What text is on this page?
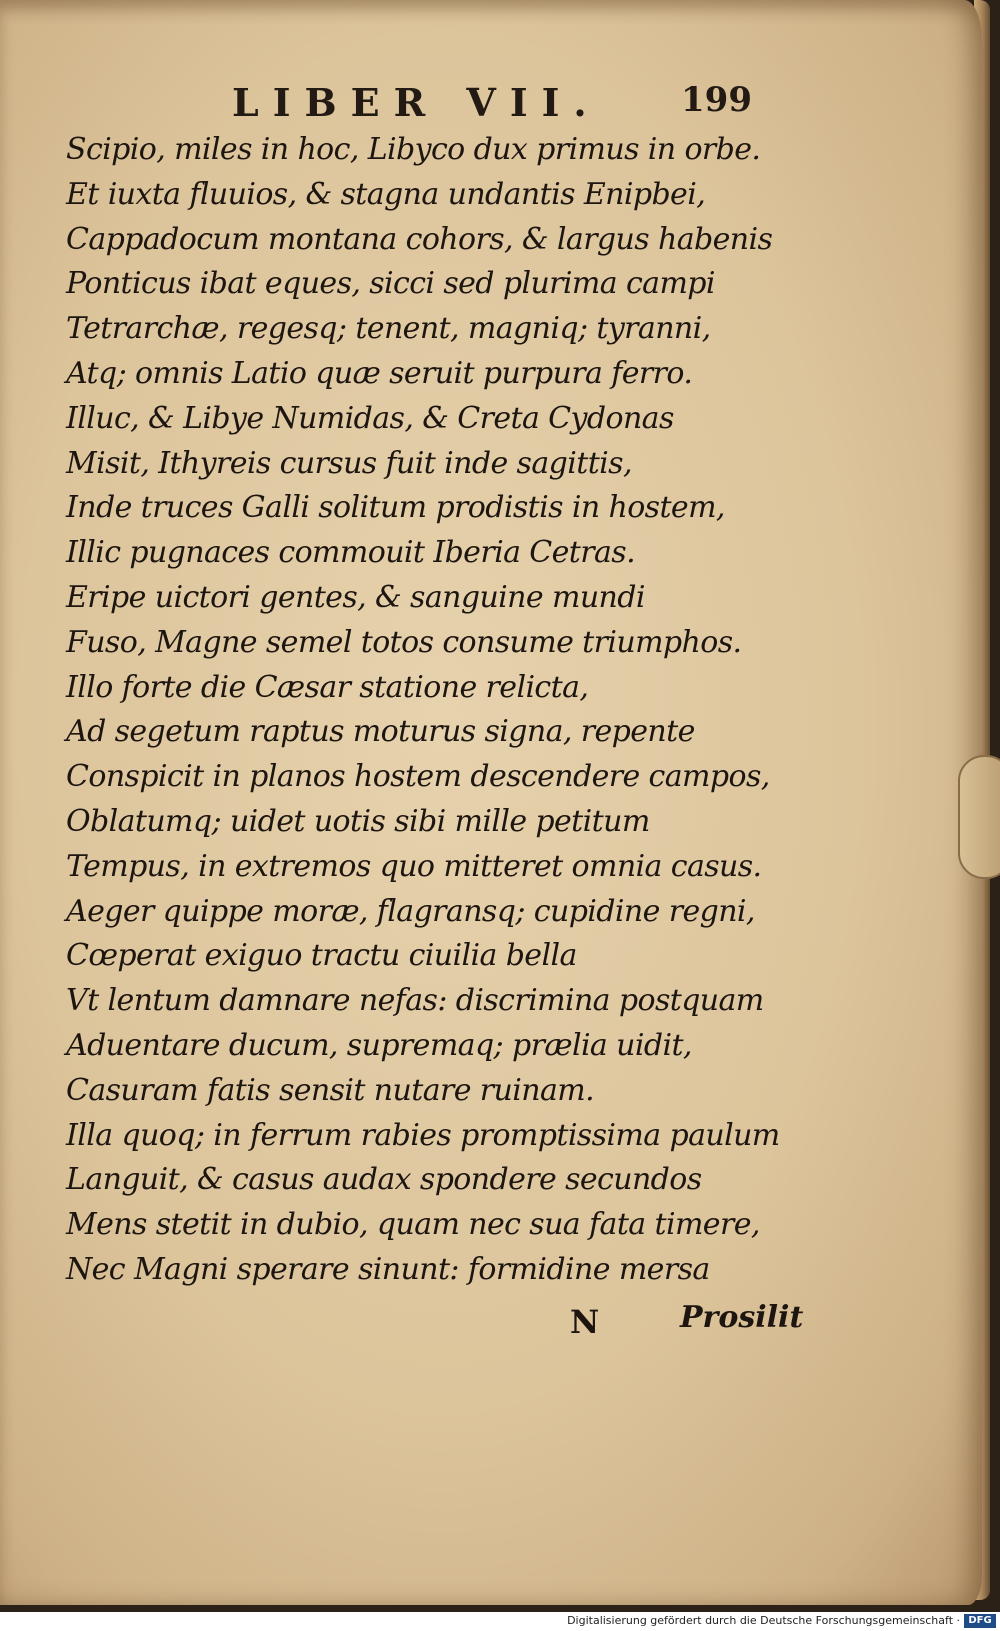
LIBER VII. 199
Scipio, miles in hoc, Libyco dux primus in orbe.
Et iuxta fluuios, & stagna undantis Enipbei,
Cappadocum montana cohors, & largus habenis
Ponticus ibat eques, sicci sed plurima campi
Tetrarchæ, regesq; tenent, magniq; tyranni,
Atq; omnis Latio quæ seruit purpura ferro.
Illuc, & Libye Numidas, & Creta Cydonas
Misit, Ithyreis cursus fuit inde sagittis,
Inde truces Galli solitum prodistis in hostem,
Illic pugnaces commouit Iberia Cetras.
Eripe uictori gentes, & sanguine mundi
Fuso, Magne semel totos consume triumphos.
Illo forte die Cæsar statione relicta,
Ad segetum raptus moturus signa, repente
Conspicit in planos hostem descendere campos,
Oblatumq; uidet uotis sibi mille petitum
Tempus, in extremos quo mitteret omnia casus.
Aeger quippe moræ, flagransq; cupidine regni,
Cœperat exiguo tractu ciuilia bella
Vt lentum damnare nefas: discrimina postquam
Aduentare ducum, supremaq; prælia uidit,
Casuram fatis sensit nutare ruinam.
Illa quoq; in ferrum rabies promptissima paulum
Languit, & casus audax spondere secundos
Mens stetit in dubio, quam nec sua fata timere,
Nec Magni sperare sinunt: formidine mersa
N	Prosilit
Digitalisierung gefördert durch die Deutsche Forschungsgemeinschaft · DFG
